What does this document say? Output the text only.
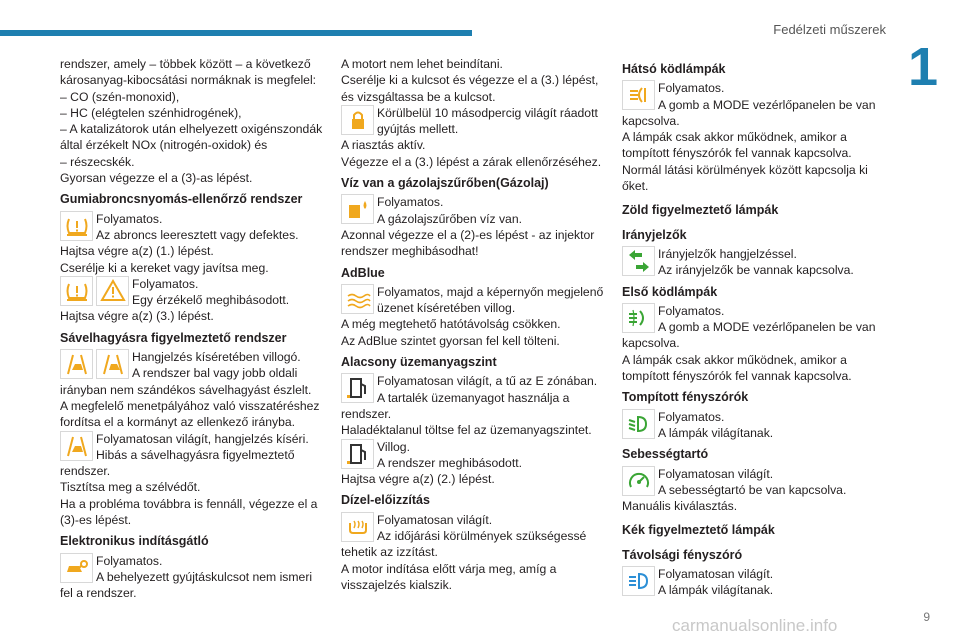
Fedélzeti műszerek
1
9
carmanualsonline.info

rendszer, amely – többek között – a következő
károsanyag-kibocsátási normáknak is megfelel:
– CO (szén-monoxid),
– HC (elégtelen szénhidrogének),
– A katalizátorok után elhelyezett oxigénszondák
által érzékelt NOx (nitrogén-oxidok) és
– részecskék.
Gyorsan végezze el a (3)-as lépést.

Gumiabroncsnyomás-ellenőrző rendszer

Folyamatos.
Az abroncs leeresztett vagy defektes.

Hajtsa végre a(z) (1.) lépést.
Cserélje ki a kereket vagy javítsa meg.

Folyamatos.
Egy érzékelő meghibásodott.

Hajtsa végre a(z) (3.) lépést.

Sávelhagyásra figyelmeztető rendszer

Hangjelzés kíséretében villogó.
A rendszer bal vagy jobb oldali

irányban nem szándékos sávelhagyást észlelt.
A megfelelő menetpályához való visszatéréshez
fordítsa el a kormányt az ellenkező irányba.

Folyamatosan világít, hangjelzés kíséri.
Hibás a sávelhagyásra figyelmeztető

rendszer.
Tisztítsa meg a szélvédőt.
Ha a probléma továbbra is fennáll, végezze el a
(3)-es lépést.

Elektronikus indításgátló

Folyamatos.
A behelyezett gyújtáskulcsot nem ismeri

fel a rendszer.

A motort nem lehet beindítani.
Cserélje ki a kulcsot és végezze el a (3.) lépést,
és vizsgáltassa be a kulcsot.

Körülbelül 10 másodpercig világít ráadott
gyújtás mellett.

A riasztás aktív.
Végezze el a (3.) lépést a zárak ellenőrzéséhez.

Víz van a gázolajszűrőben(Gázolaj)

Folyamatos.
A gázolajszűrőben víz van.

Azonnal végezze el a (2)-es lépést - az injektor
rendszer meghibásodhat!

AdBlue

Folyamatos, majd a képernyőn megjelenő
üzenet kíséretében villog.

A még megtehető hatótávolság csökken.
Az AdBlue szintet gyorsan fel kell tölteni.

Alacsony üzemanyagszint

Folyamatosan világít, a tű az E zónában.
A tartalék üzemanyagot használja a

rendszer.
Haladéktalanul töltse fel az üzemanyagszintet.

Villog.
A rendszer meghibásodott.

Hajtsa végre a(z) (2.) lépést.

Dízel-előizzítás

Folyamatosan világít.
Az időjárási körülmények szükségessé

tehetik az izzítást.
A motor indítása előtt várja meg, amíg a
visszajelzés kialszik.

Hátsó ködlámpák

Folyamatos.
A gomb a MODE vezérlőpanelen be van

kapcsolva.
A lámpák csak akkor működnek, amikor a
tompított fényszórók fel vannak kapcsolva.
Normál látási körülmények között kapcsolja ki
őket.

Zöld figyelmeztető lámpák
Irányjelzők

Irányjelzők hangjelzéssel.
Az irányjelzők be vannak kapcsolva.

Első ködlámpák

Folyamatos.
A gomb a MODE vezérlőpanelen be van

kapcsolva.
A lámpák csak akkor működnek, amikor a
tompított fényszórók fel vannak kapcsolva.

Tompított fényszórók

Folyamatos.
A lámpák világítanak.

Sebességtartó

Folyamatosan világít.
A sebességtartó be van kapcsolva.

Manuális kiválasztás.

Kék figyelmeztető lámpák
Távolsági fényszóró

Folyamatosan világít.
A lámpák világítanak.
